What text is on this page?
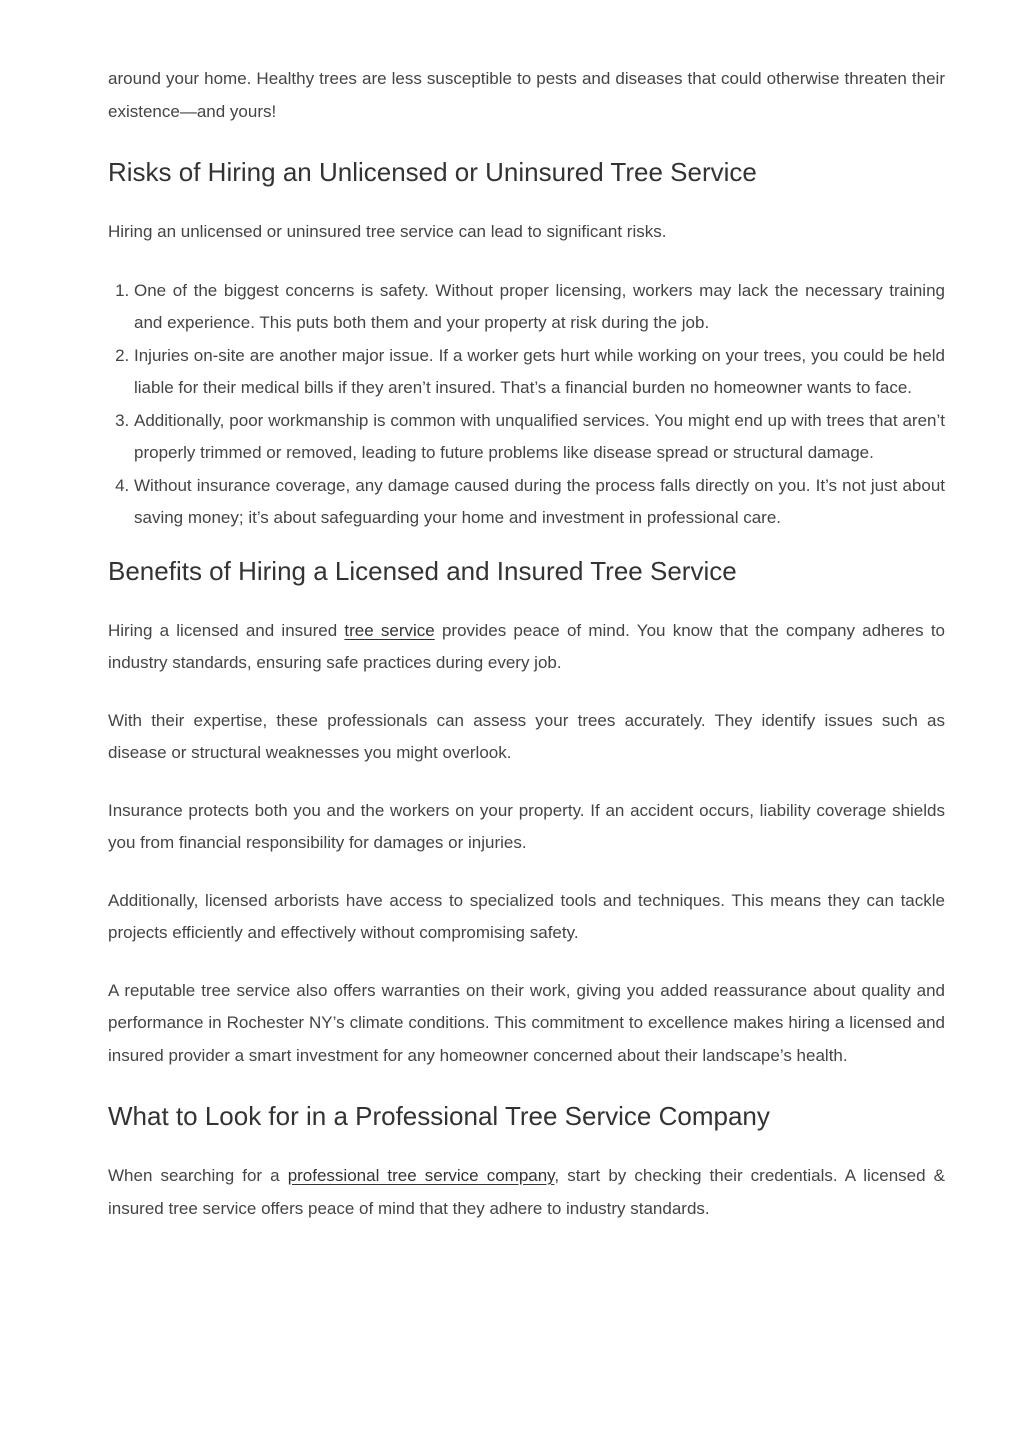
around your home. Healthy trees are less susceptible to pests and diseases that could otherwise threaten their existence—and yours!

Risks of Hiring an Unlicensed or Uninsured Tree Service

Hiring an unlicensed or uninsured tree service can lead to significant risks.

1. One of the biggest concerns is safety. Without proper licensing, workers may lack the necessary training and experience. This puts both them and your property at risk during the job.
2. Injuries on-site are another major issue. If a worker gets hurt while working on your trees, you could be held liable for their medical bills if they aren’t insured. That’s a financial burden no homeowner wants to face.
3. Additionally, poor workmanship is common with unqualified services. You might end up with trees that aren’t properly trimmed or removed, leading to future problems like disease spread or structural damage.
4. Without insurance coverage, any damage caused during the process falls directly on you. It’s not just about saving money; it’s about safeguarding your home and investment in professional care.
Benefits of Hiring a Licensed and Insured Tree Service

Hiring a licensed and insured tree service provides peace of mind. You know that the company adheres to industry standards, ensuring safe practices during every job.

With their expertise, these professionals can assess your trees accurately. They identify issues such as disease or structural weaknesses you might overlook.

Insurance protects both you and the workers on your property. If an accident occurs, liability coverage shields you from financial responsibility for damages or injuries.

Additionally, licensed arborists have access to specialized tools and techniques. This means they can tackle projects efficiently and effectively without compromising safety.

A reputable tree service also offers warranties on their work, giving you added reassurance about quality and performance in Rochester NY’s climate conditions. This commitment to excellence makes hiring a licensed and insured provider a smart investment for any homeowner concerned about their landscape’s health.

What to Look for in a Professional Tree Service Company

When searching for a professional tree service company, start by checking their credentials. A licensed & insured tree service offers peace of mind that they adhere to industry standards.
